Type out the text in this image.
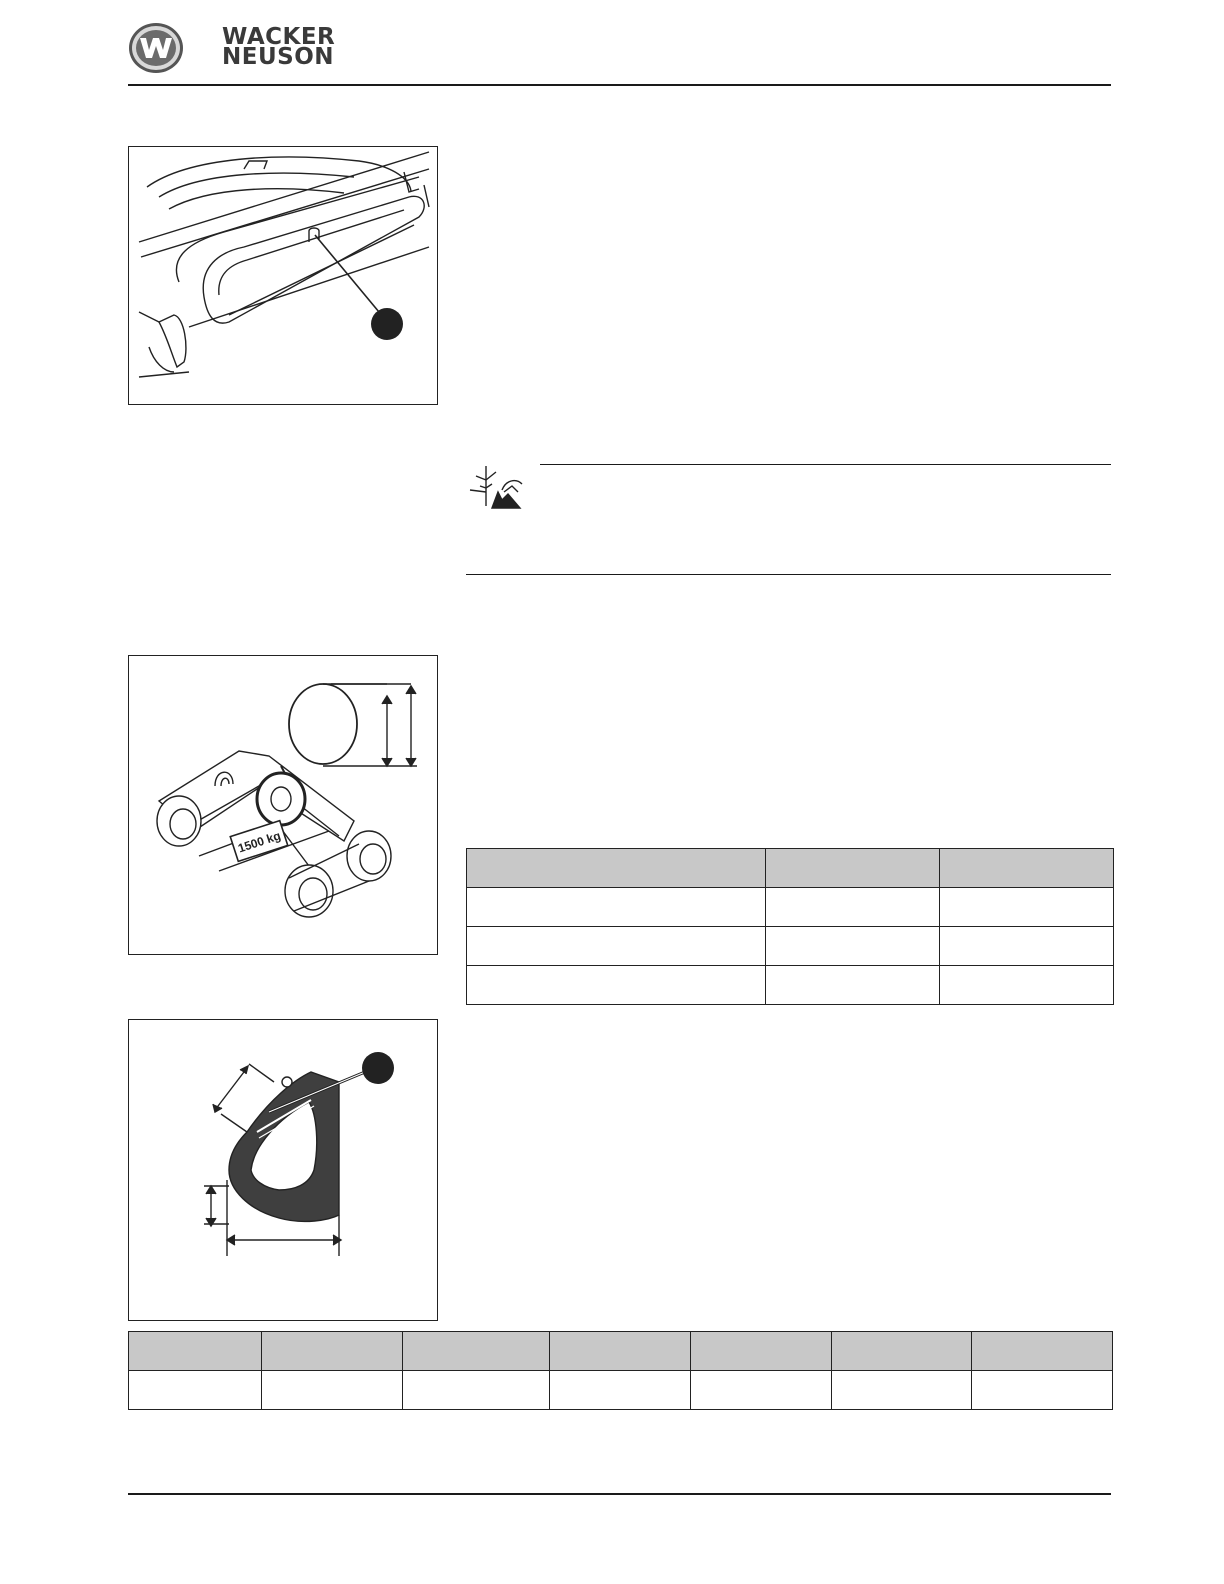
WACKER
NEUSON
1500 kg
